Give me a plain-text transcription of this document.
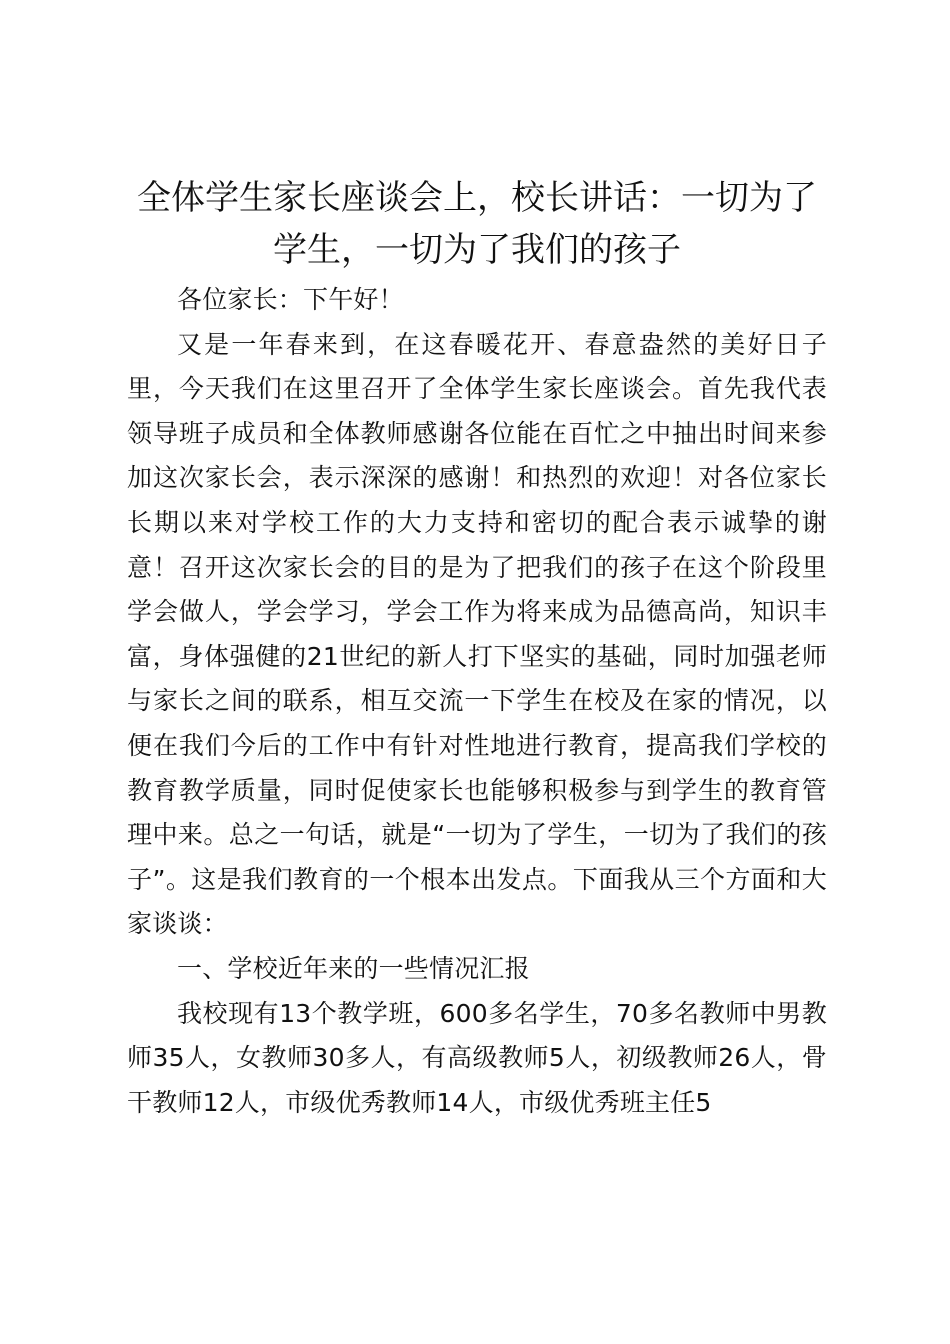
全体学生家长座谈会上，校长讲话：一切为了学生，一切为了我们的孩子

各位家长：下午好！

又是一年春来到，在这春暖花开、春意盎然的美好日子里，今天我们在这里召开了全体学生家长座谈会。首先我代表领导班子成员和全体教师感谢各位能在百忙之中抽出时间来参加这次家长会，表示深深的感谢！和热烈的欢迎！对各位家长长期以来对学校工作的大力支持和密切的配合表示诚挚的谢意！召开这次家长会的目的是为了把我们的孩子在这个阶段里学会做人，学会学习，学会工作为将来成为品德高尚，知识丰富，身体强健的21世纪的新人打下坚实的基础，同时加强老师与家长之间的联系，相互交流一下学生在校及在家的情况，以便在我们今后的工作中有针对性地进行教育，提高我们学校的教育教学质量，同时促使家长也能够积极参与到学生的教育管理中来。总之一句话，就是“一切为了学生，一切为了我们的孩子”。这是我们教育的一个根本出发点。下面我从三个方面和大家谈谈：

一、学校近年来的一些情况汇报

我校现有13个教学班，600多名学生，70多名教师中男教师35人，女教师30多人，有高级教师5人，初级教师26人，骨干教师12人，市级优秀教师14人，市级优秀班主任5
